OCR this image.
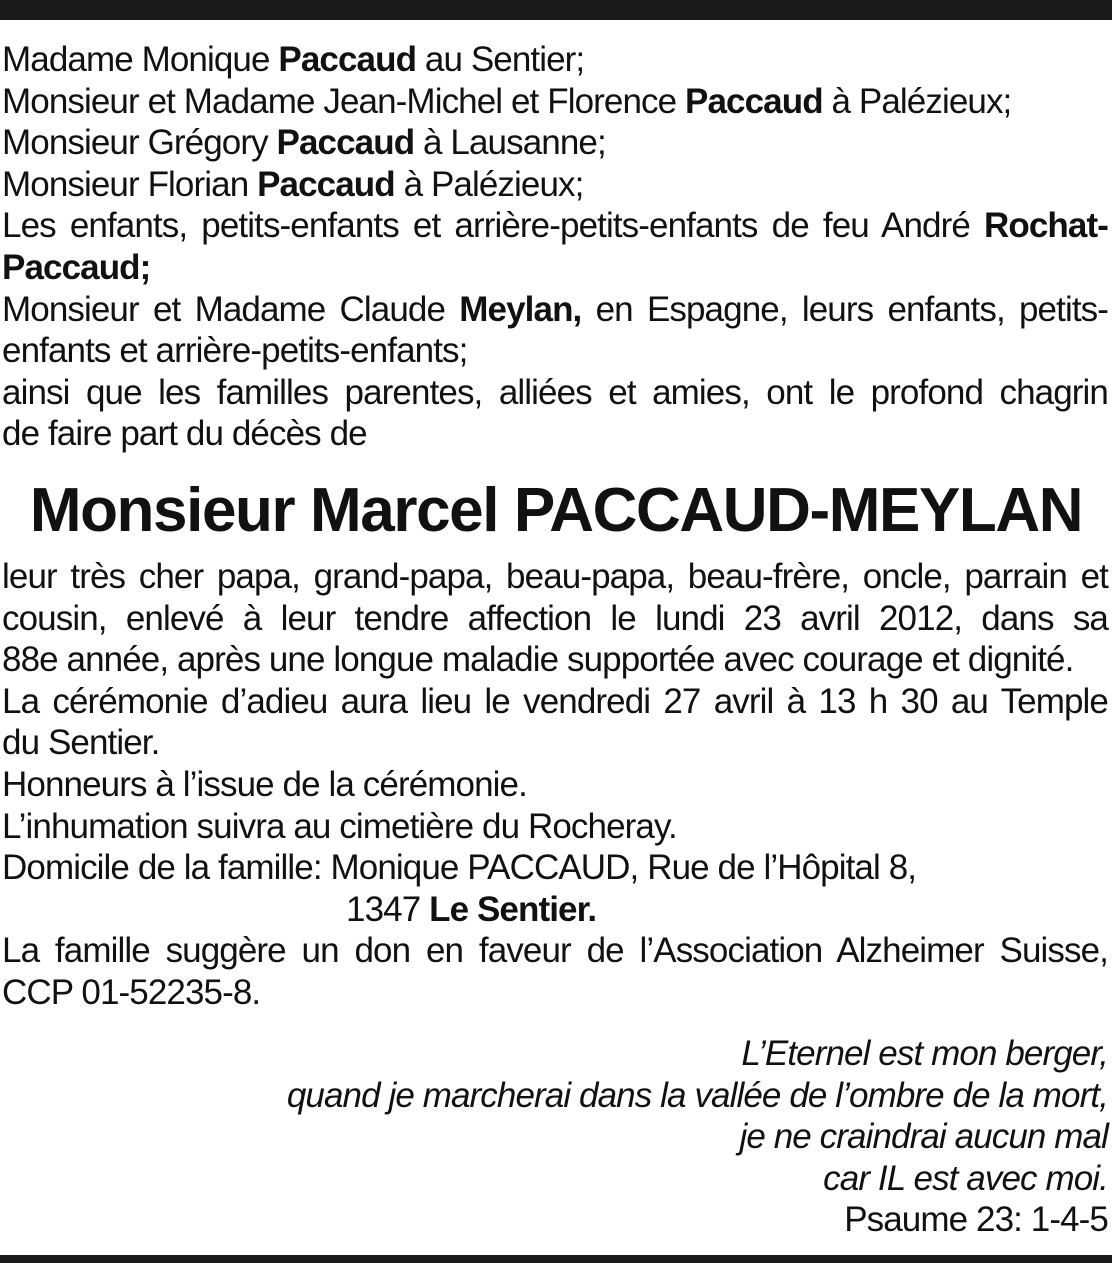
Madame Monique Paccaud au Sentier;
Monsieur et Madame Jean-Michel et Florence Paccaud à Palézieux;
Monsieur Grégory Paccaud à Lausanne;
Monsieur Florian Paccaud à Palézieux;
Les enfants, petits-enfants et arrière-petits-enfants de feu André Rochat-
Paccaud;
Monsieur et Madame Claude Meylan, en Espagne, leurs enfants, petits-
enfants et arrière-petits-enfants;
ainsi que les familles parentes, alliées et amies, ont le profond chagrin
de faire part du décès de
Monsieur Marcel PACCAUD-MEYLAN
leur très cher papa, grand-papa, beau-papa, beau-frère, oncle, parrain et
cousin, enlevé à leur tendre affection le lundi 23 avril 2012, dans sa
88e année, après une longue maladie supportée avec courage et dignité.
La cérémonie d’adieu aura lieu le vendredi 27 avril à 13 h 30 au Temple
du Sentier.
Honneurs à l’issue de la cérémonie.
L’inhumation suivra au cimetière du Rocheray.
Domicile de la famille: Monique PACCAUD, Rue de l’Hôpital 8,
1347 Le Sentier.
La famille suggère un don en faveur de l’Association Alzheimer Suisse,
CCP 01-52235-8.
L’Eternel est mon berger,
quand je marcherai dans la vallée de l’ombre de la mort,
je ne craindrai aucun mal
car IL est avec moi.
Psaume 23: 1-4-5
